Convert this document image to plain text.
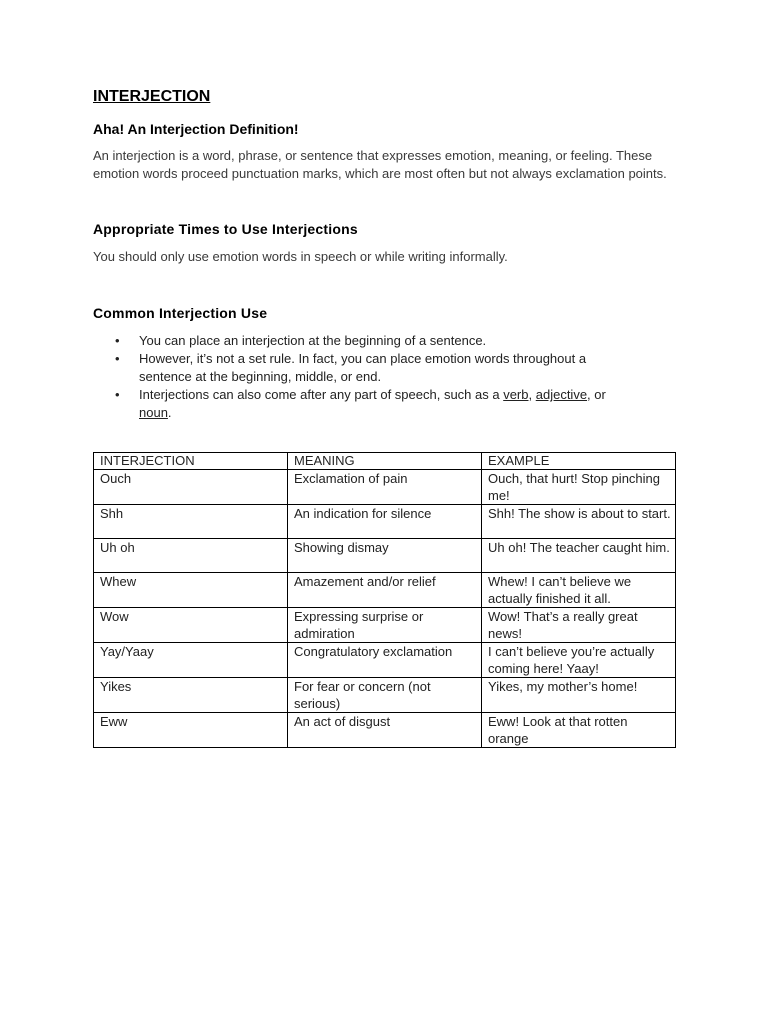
INTERJECTION
Aha! An Interjection Definition!

An interjection is a word, phrase, or sentence that expresses emotion, meaning, or feeling. These emotion words proceed punctuation marks, which are most often but not always exclamation points.

Appropriate Times to Use Interjections

You should only use emotion words in speech or while writing informally.

Common Interjection Use
• You can place an interjection at the beginning of a sentence.
• However, it’s not a set rule. In fact, you can place emotion words throughout a sentence at the beginning, middle, or end.
• Interjections can also come after any part of speech, such as a verb, adjective, or noun.
INTERJECTION	MEANING	EXAMPLE
Ouch	Exclamation of pain	Ouch, that hurt! Stop pinching me!
Shh	An indication for silence	Shh! The show is about to start.
Uh oh	Showing dismay	Uh oh! The teacher caught him.
Whew	Amazement and/or relief	Whew! I can’t believe we actually finished it all.
Wow	Expressing surprise or admiration	Wow! That’s a really great news!
Yay/Yaay	Congratulatory exclamation	I can’t believe you’re actually coming here! Yaay!
Yikes	For fear or concern (not serious)	Yikes, my mother’s home!
Eww	An act of disgust	Eww! Look at that rotten orange
